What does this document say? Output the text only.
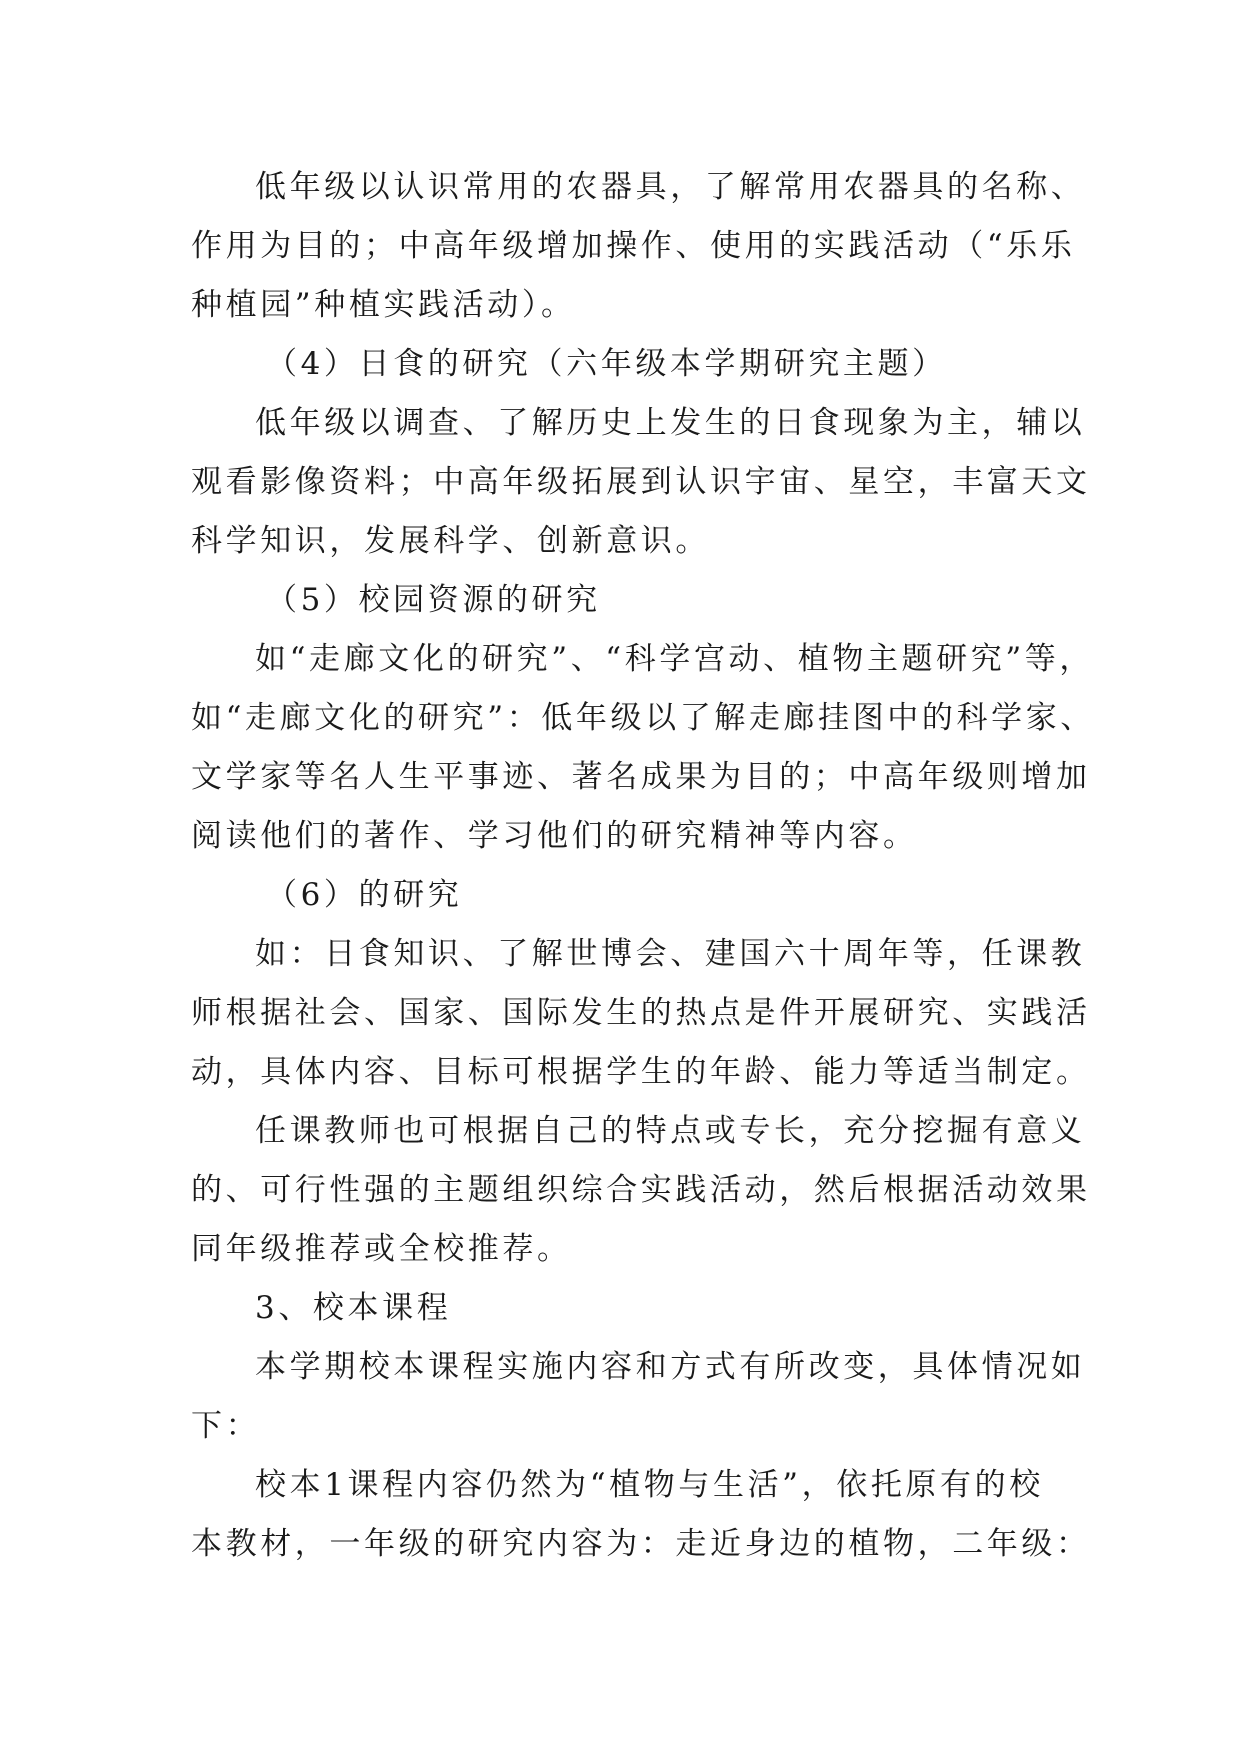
低年级以认识常用的农器具，了解常用农器具的名称、
作用为目的；中高年级增加操作、使用的实践活动（“乐乐
种植园”种植实践活动）。
（4）日食的研究（六年级本学期研究主题）
低年级以调查、了解历史上发生的日食现象为主，辅以
观看影像资料；中高年级拓展到认识宇宙、星空，丰富天文
科学知识，发展科学、创新意识。
（5）校园资源的研究
如“走廊文化的研究”、“科学宫动、植物主题研究”等，
如“走廊文化的研究”：低年级以了解走廊挂图中的科学家、
文学家等名人生平事迹、著名成果为目的；中高年级则增加
阅读他们的著作、学习他们的研究精神等内容。
（6）的研究
如：日食知识、了解世博会、建国六十周年等，任课教
师根据社会、国家、国际发生的热点是件开展研究、实践活
动，具体内容、目标可根据学生的年龄、能力等适当制定。
任课教师也可根据自己的特点或专长，充分挖掘有意义
的、可行性强的主题组织综合实践活动，然后根据活动效果
同年级推荐或全校推荐。
3、校本课程
本学期校本课程实施内容和方式有所改变，具体情况如
下：
校本1课程内容仍然为“植物与生活”，依托原有的校
本教材，一年级的研究内容为：走近身边的植物，二年级：
